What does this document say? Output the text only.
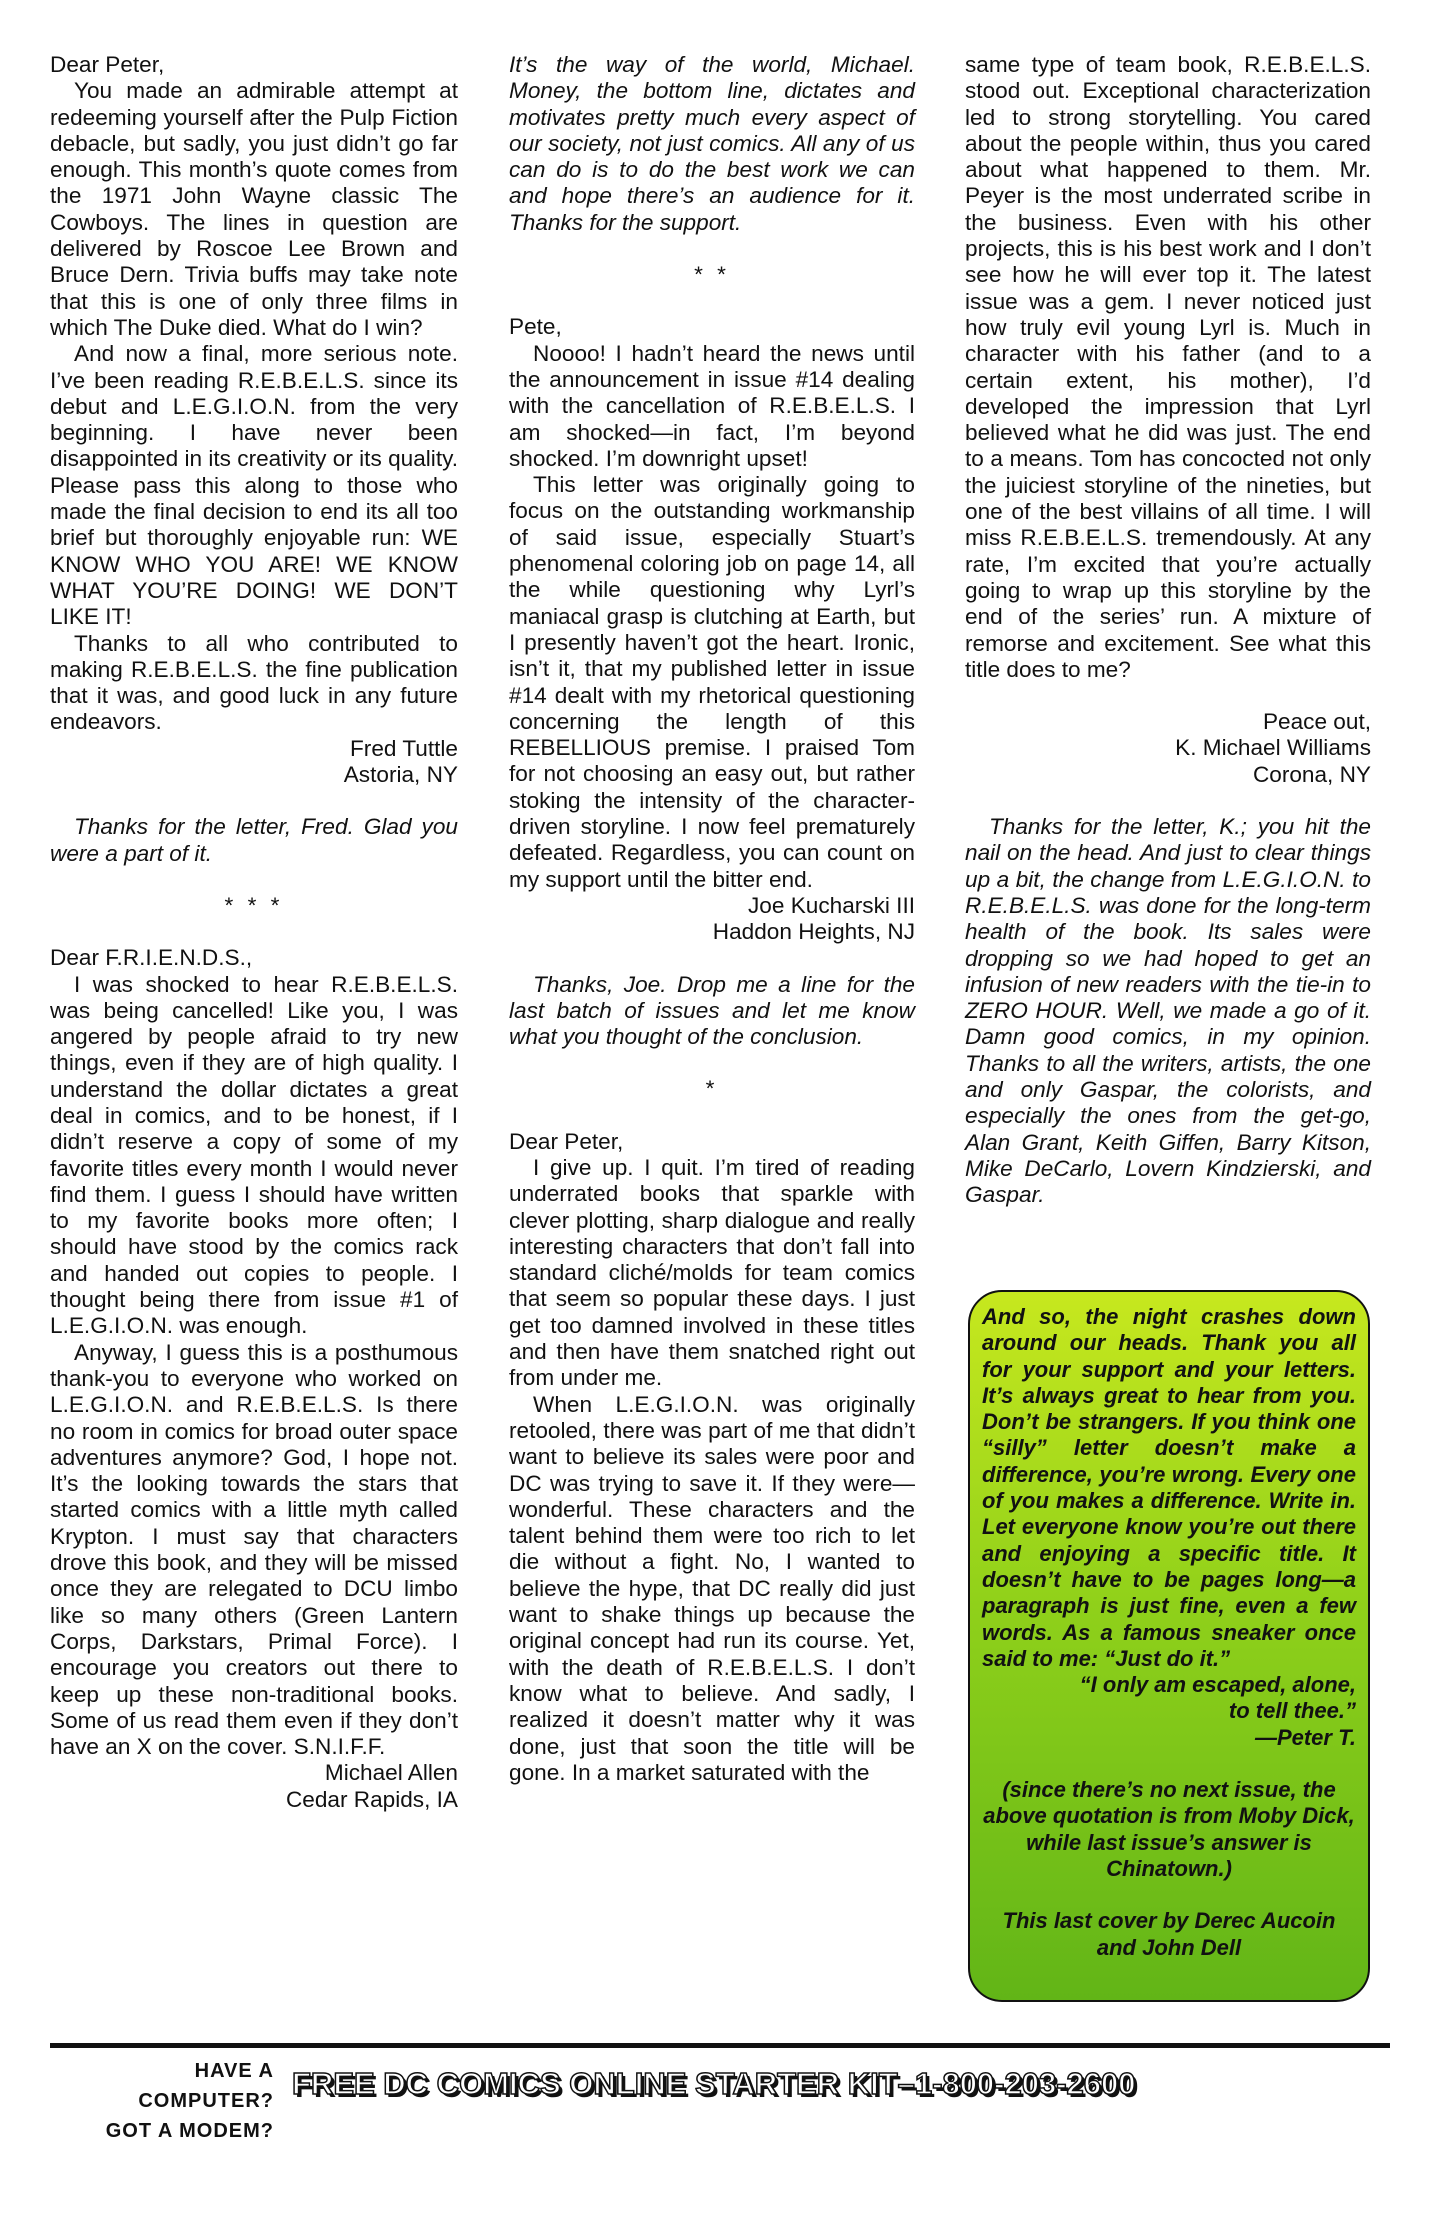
Dear Peter,

You made an admirable attempt at redeeming yourself after the Pulp Fiction debacle, but sadly, you just didn’t go far enough. This month’s quote comes from the 1971 John Wayne classic The Cowboys. The lines in question are delivered by Roscoe Lee Brown and Bruce Dern. Trivia buffs may take note that this is one of only three films in which The Duke died. What do I win?

And now a final, more serious note. I’ve been reading R.E.B.E.L.S. since its debut and L.E.G.I.O.N. from the very beginning. I have never been disappointed in its creativity or its quality. Please pass this along to those who made the final decision to end its all too brief but thoroughly enjoyable run: WE KNOW WHO YOU ARE! WE KNOW WHAT YOU’RE DOING! WE DON’T LIKE IT!

Thanks to all who contributed to making R.E.B.E.L.S. the fine publication that it was, and good luck in any future endeavors.

Fred Tuttle

Astoria, NY

Thanks for the letter, Fred. Glad you were a part of it.

* * *

Dear F.R.I.E.N.D.S.,

I was shocked to hear R.E.B.E.L.S. was being cancelled! Like you, I was angered by people afraid to try new things, even if they are of high quality. I understand the dollar dictates a great deal in comics, and to be honest, if I didn’t reserve a copy of some of my favorite titles every month I would never find them. I guess I should have written to my favorite books more often; I should have stood by the comics rack and handed out copies to people. I thought being there from issue #1 of L.E.G.I.O.N. was enough.

Anyway, I guess this is a posthumous thank-you to everyone who worked on L.E.G.I.O.N. and R.E.B.E.L.S. Is there no room in comics for broad outer space adventures anymore? God, I hope not. It’s the looking towards the stars that started comics with a little myth called Krypton. I must say that characters drove this book, and they will be missed once they are relegated to DCU limbo like so many others (Green Lantern Corps, Darkstars, Primal Force). I encourage you creators out there to keep up these non-traditional books. Some of us read them even if they don’t have an X on the cover. S.N.I.F.F.

Michael Allen

Cedar Rapids, IA

It’s the way of the world, Michael. Money, the bottom line, dictates and motivates pretty much every aspect of our society, not just comics. All any of us can do is to do the best work we can and hope there’s an audience for it. Thanks for the support.

* *

Pete,

Noooo! I hadn’t heard the news until the announcement in issue #14 dealing with the cancellation of R.E.B.E.L.S. I am shocked—in fact, I’m beyond shocked. I’m downright upset!

This letter was originally going to focus on the outstanding workmanship of said issue, especially Stuart’s phenomenal coloring job on page 14, all the while questioning why Lyrl’s maniacal grasp is clutching at Earth, but I presently haven’t got the heart. Ironic, isn’t it, that my published letter in issue #14 dealt with my rhetorical questioning concerning the length of this REBELLIOUS premise. I praised Tom for not choosing an easy out, but rather stoking the intensity of the character-driven storyline. I now feel prematurely defeated. Regardless, you can count on my support until the bitter end.

Joe Kucharski III

Haddon Heights, NJ

Thanks, Joe. Drop me a line for the last batch of issues and let me know what you thought of the conclusion.

*

Dear Peter,

I give up. I quit. I’m tired of reading underrated books that sparkle with clever plotting, sharp dialogue and really interesting characters that don’t fall into standard cliché/molds for team comics that seem so popular these days. I just get too damned involved in these titles and then have them snatched right out from under me.

When L.E.G.I.O.N. was originally retooled, there was part of me that didn’t want to believe its sales were poor and DC was trying to save it. If they were—wonderful. These characters and the talent behind them were too rich to let die without a fight. No, I wanted to believe the hype, that DC really did just want to shake things up because the original concept had run its course. Yet, with the death of R.E.B.E.L.S. I don’t know what to believe. And sadly, I realized it doesn’t matter why it was done, just that soon the title will be gone. In a market saturated with the

same type of team book, R.E.B.E.L.S. stood out. Exceptional characterization led to strong storytelling. You cared about the people within, thus you cared about what happened to them. Mr. Peyer is the most underrated scribe in the business. Even with his other projects, this is his best work and I don’t see how he will ever top it. The latest issue was a gem. I never noticed just how truly evil young Lyrl is. Much in character with his father (and to a certain extent, his mother), I’d developed the impression that Lyrl believed what he did was just. The end to a means. Tom has concocted not only the juiciest storyline of the nineties, but one of the best villains of all time. I will miss R.E.B.E.L.S. tremendously. At any rate, I’m excited that you’re actually going to wrap up this storyline by the end of the series’ run. A mixture of remorse and excitement. See what this title does to me?

Peace out,

K. Michael Williams

Corona, NY

Thanks for the letter, K.; you hit the nail on the head. And just to clear things up a bit, the change from L.E.G.I.O.N. to R.E.B.E.L.S. was done for the long-term health of the book. Its sales were dropping so we had hoped to get an infusion of new readers with the tie-in to ZERO HOUR. Well, we made a go of it. Damn good comics, in my opinion. Thanks to all the writers, artists, the one and only Gaspar, the colorists, and especially the ones from the get-go, Alan Grant, Keith Giffen, Barry Kitson, Mike DeCarlo, Lovern Kindzierski, and Gaspar.

And so, the night crashes down around our heads. Thank you all for your support and your letters. It’s always great to hear from you. Don’t be strangers. If you think one “silly” letter doesn’t make a difference, you’re wrong. Every one of you makes a difference. Write in. Let everyone know you’re out there and enjoying a specific title. It doesn’t have to be pages long—a paragraph is just fine, even a few words. As a famous sneaker once said to me: “Just do it.”

“I only am escaped, alone,

to tell thee.”

—Peter T.

(since there’s no next issue, the above quotation is from Moby Dick, while last issue’s answer is Chinatown.)

This last cover by Derec Aucoin and John Dell

HAVE A COMPUTER?
GOT A MODEM?
FREE DC COMICS ONLINE STARTER KIT–1-800-203-2600
